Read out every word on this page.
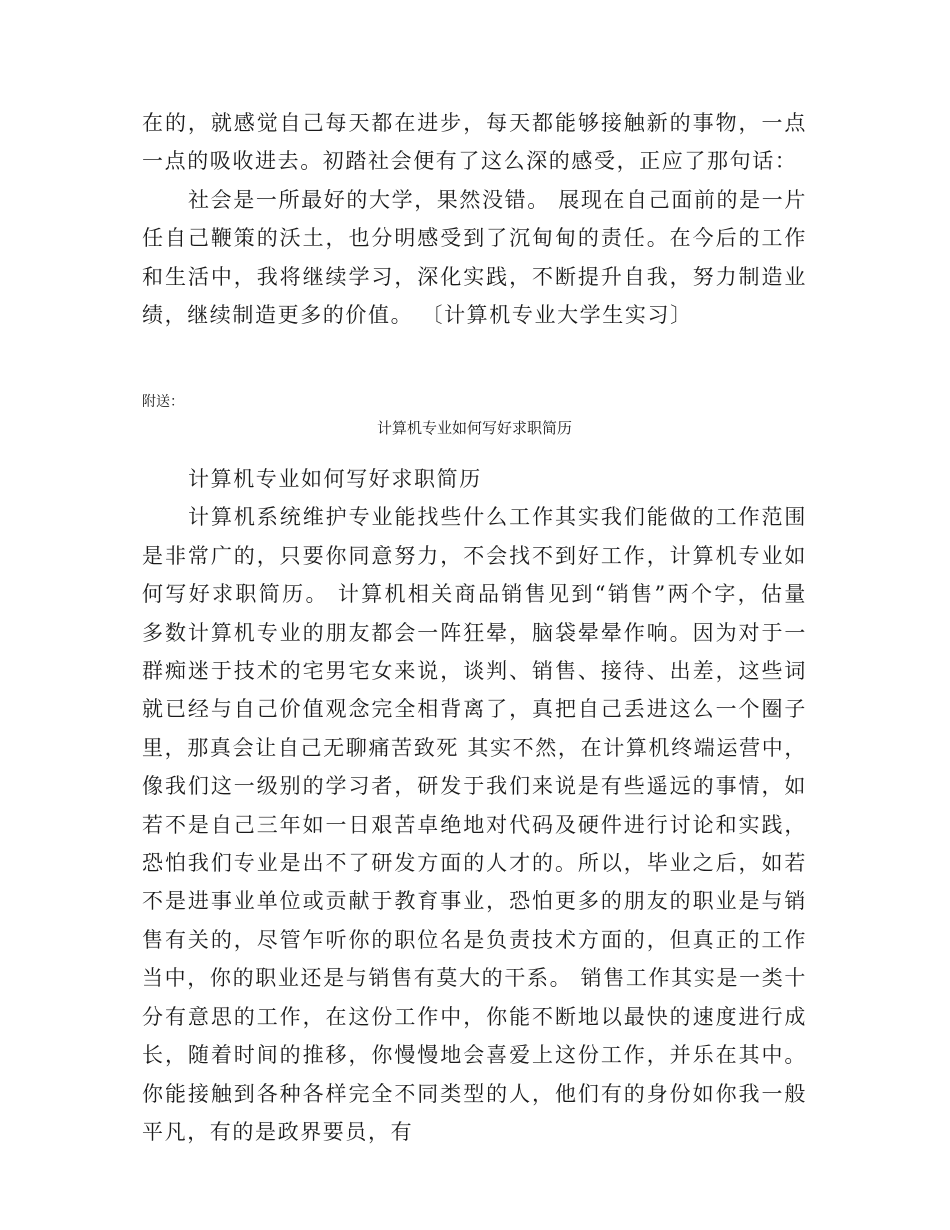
在的，就感觉自己每天都在进步，每天都能够接触新的事物，一点一点的吸收进去。初踏社会便有了这么深的感受，正应了那句话：

社会是一所最好的大学，果然没错。 展现在自己面前的是一片任自己鞭策的沃土，也分明感受到了沉甸甸的责任。在今后的工作和生活中，我将继续学习，深化实践，不断提升自我，努力制造业绩，继续制造更多的价值。 〔计算机专业大学生实习〕

附送：

计算机专业如何写好求职简历

计算机专业如何写好求职简历

计算机系统维护专业能找些什么工作其实我们能做的工作范围是非常广的，只要你同意努力，不会找不到好工作，计算机专业如何写好求职简历。 计算机相关商品销售见到“销售”两个字，估量多数计算机专业的朋友都会一阵狂晕，脑袋晕晕作响。因为对于一群痴迷于技术的宅男宅女来说，谈判、销售、接待、出差，这些词就已经与自己价值观念完全相背离了，真把自己丢进这么一个圈子里，那真会让自己无聊痛苦致死 其实不然，在计算机终端运营中，像我们这一级别的学习者，研发于我们来说是有些遥远的事情，如若不是自己三年如一日艰苦卓绝地对代码及硬件进行讨论和实践，恐怕我们专业是出不了研发方面的人才的。所以，毕业之后，如若不是进事业单位或贡献于教育事业，恐怕更多的朋友的职业是与销售有关的，尽管乍听你的职位名是负责技术方面的，但真正的工作当中，你的职业还是与销售有莫大的干系。 销售工作其实是一类十分有意思的工作，在这份工作中，你能不断地以最快的速度进行成长，随着时间的推移，你慢慢地会喜爱上这份工作，并乐在其中。你能接触到各种各样完全不同类型的人，他们有的身份如你我一般平凡，有的是政界要员，有
